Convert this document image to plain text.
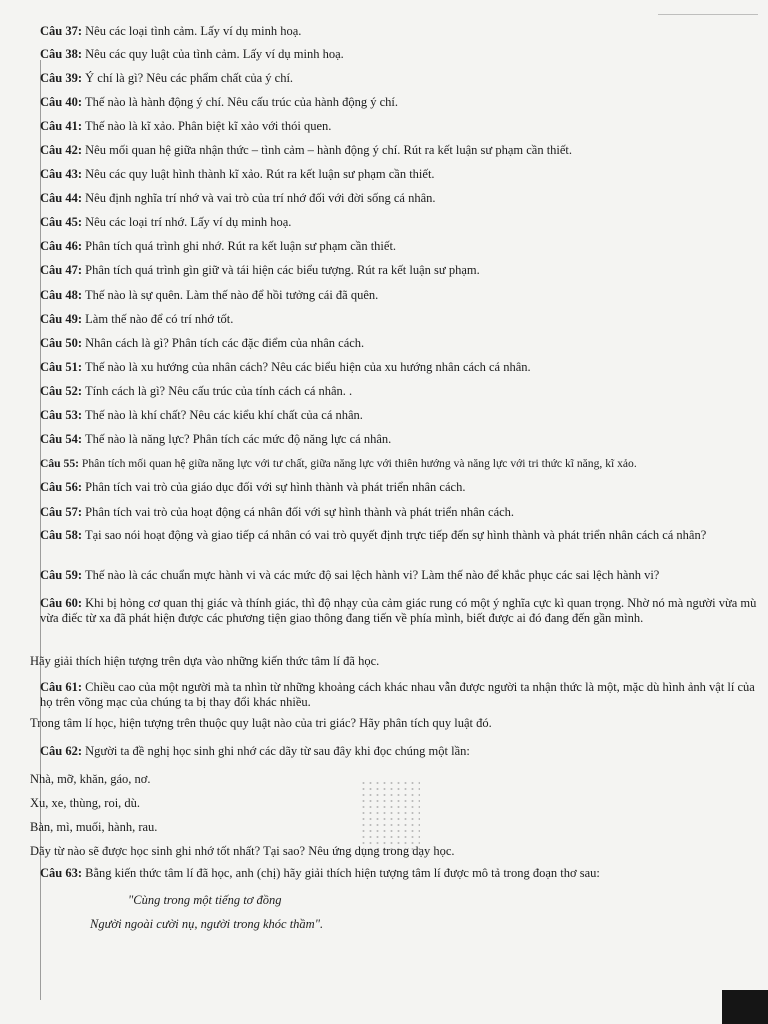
Câu 37: Nêu các loại tình cảm. Lấy ví dụ minh hoạ.

Câu 38: Nêu các quy luật của tình cảm. Lấy ví dụ minh hoạ.

Câu 39: Ý chí là gì? Nêu các phẩm chất của ý chí.

Câu 40: Thế nào là hành động ý chí. Nêu cấu trúc của hành động ý chí.

Câu 41: Thế nào là kĩ xảo. Phân biệt kĩ xảo với thói quen.

Câu 42: Nêu mối quan hệ giữa nhận thức – tình cảm – hành động ý chí. Rút ra kết luận sư phạm cần thiết.

Câu 43: Nêu các quy luật hình thành kĩ xảo. Rút ra kết luận sư phạm cần thiết.

Câu 44: Nêu định nghĩa trí nhớ và vai trò của trí nhớ đối với đời sống cá nhân.

Câu 45: Nêu các loại trí nhớ. Lấy ví dụ minh hoạ.

Câu 46: Phân tích quá trình ghi nhớ. Rút ra kết luận sư phạm cần thiết.

Câu 47: Phân tích quá trình gìn giữ và tái hiện các biểu tượng. Rút ra kết luận sư phạm.

Câu 48: Thế nào là sự quên. Làm thế nào để hồi tưởng cái đã quên.

Câu 49: Làm thế nào để có trí nhớ tốt.

Câu 50: Nhân cách là gì? Phân tích các đặc điểm của nhân cách.

Câu 51: Thế nào là xu hướng của nhân cách? Nêu các biểu hiện của xu hướng nhân cách cá nhân.

Câu 52: Tính cách là gì? Nêu cấu trúc của tính cách cá nhân. .

Câu 53: Thế nào là khí chất? Nêu các kiểu khí chất của cá nhân.

Câu 54: Thế nào là năng lực? Phân tích các mức độ năng lực cá nhân.

Câu 55: Phân tích mối quan hệ giữa năng lực với tư chất, giữa năng lực với thiên hướng và năng lực với tri thức kĩ năng, kĩ xảo.

Câu 56: Phân tích vai trò của giáo dục đối với sự hình thành và phát triển nhân cách.

Câu 57: Phân tích vai trò của hoạt động cá nhân đối với sự hình thành và phát triển nhân cách.

Câu 58: Tại sao nói hoạt động và giao tiếp cá nhân có vai trò quyết định trực tiếp đến sự hình thành và phát triển nhân cách cá nhân?

Câu 59: Thế nào là các chuẩn mực hành vi và các mức độ sai lệch hành vi? Làm thế nào để khắc phục các sai lệch hành vi?

Câu 60: Khi bị hỏng cơ quan thị giác và thính giác, thì độ nhạy của cảm giác rung có một ý nghĩa cực kì quan trọng. Nhờ nó mà người vừa mù vừa điếc từ xa đã phát hiện được các phương tiện giao thông đang tiến về phía mình, biết được ai đó đang đến gần mình.

Hãy giải thích hiện tượng trên dựa vào những kiến thức tâm lí đã học.

Câu 61: Chiều cao của một người mà ta nhìn từ những khoảng cách khác nhau vẫn được người ta nhận thức là một, mặc dù hình ảnh vật lí của họ trên võng mạc của chúng ta bị thay đổi khác nhiều.

Trong tâm lí học, hiện tượng trên thuộc quy luật nào của tri giác? Hãy phân tích quy luật đó.

Câu 62: Người ta đề nghị học sinh ghi nhớ các dãy từ sau đây khi đọc chúng một lần:

Nhà, mỡ, khăn, gáo, nơ.

Xu, xe, thùng, roi, dù.

Bàn, mì, muối, hành, rau.

Dãy từ nào sẽ được học sinh ghi nhớ tốt nhất? Tại sao? Nêu ứng dụng trong dạy học.

Câu 63: Bằng kiến thức tâm lí đã học, anh (chị) hãy giải thích hiện tượng tâm lí được mô tả trong đoạn thơ sau:

"Cùng trong một tiếng tơ đồng

Người ngoài cười nụ, người trong khóc thầm".
